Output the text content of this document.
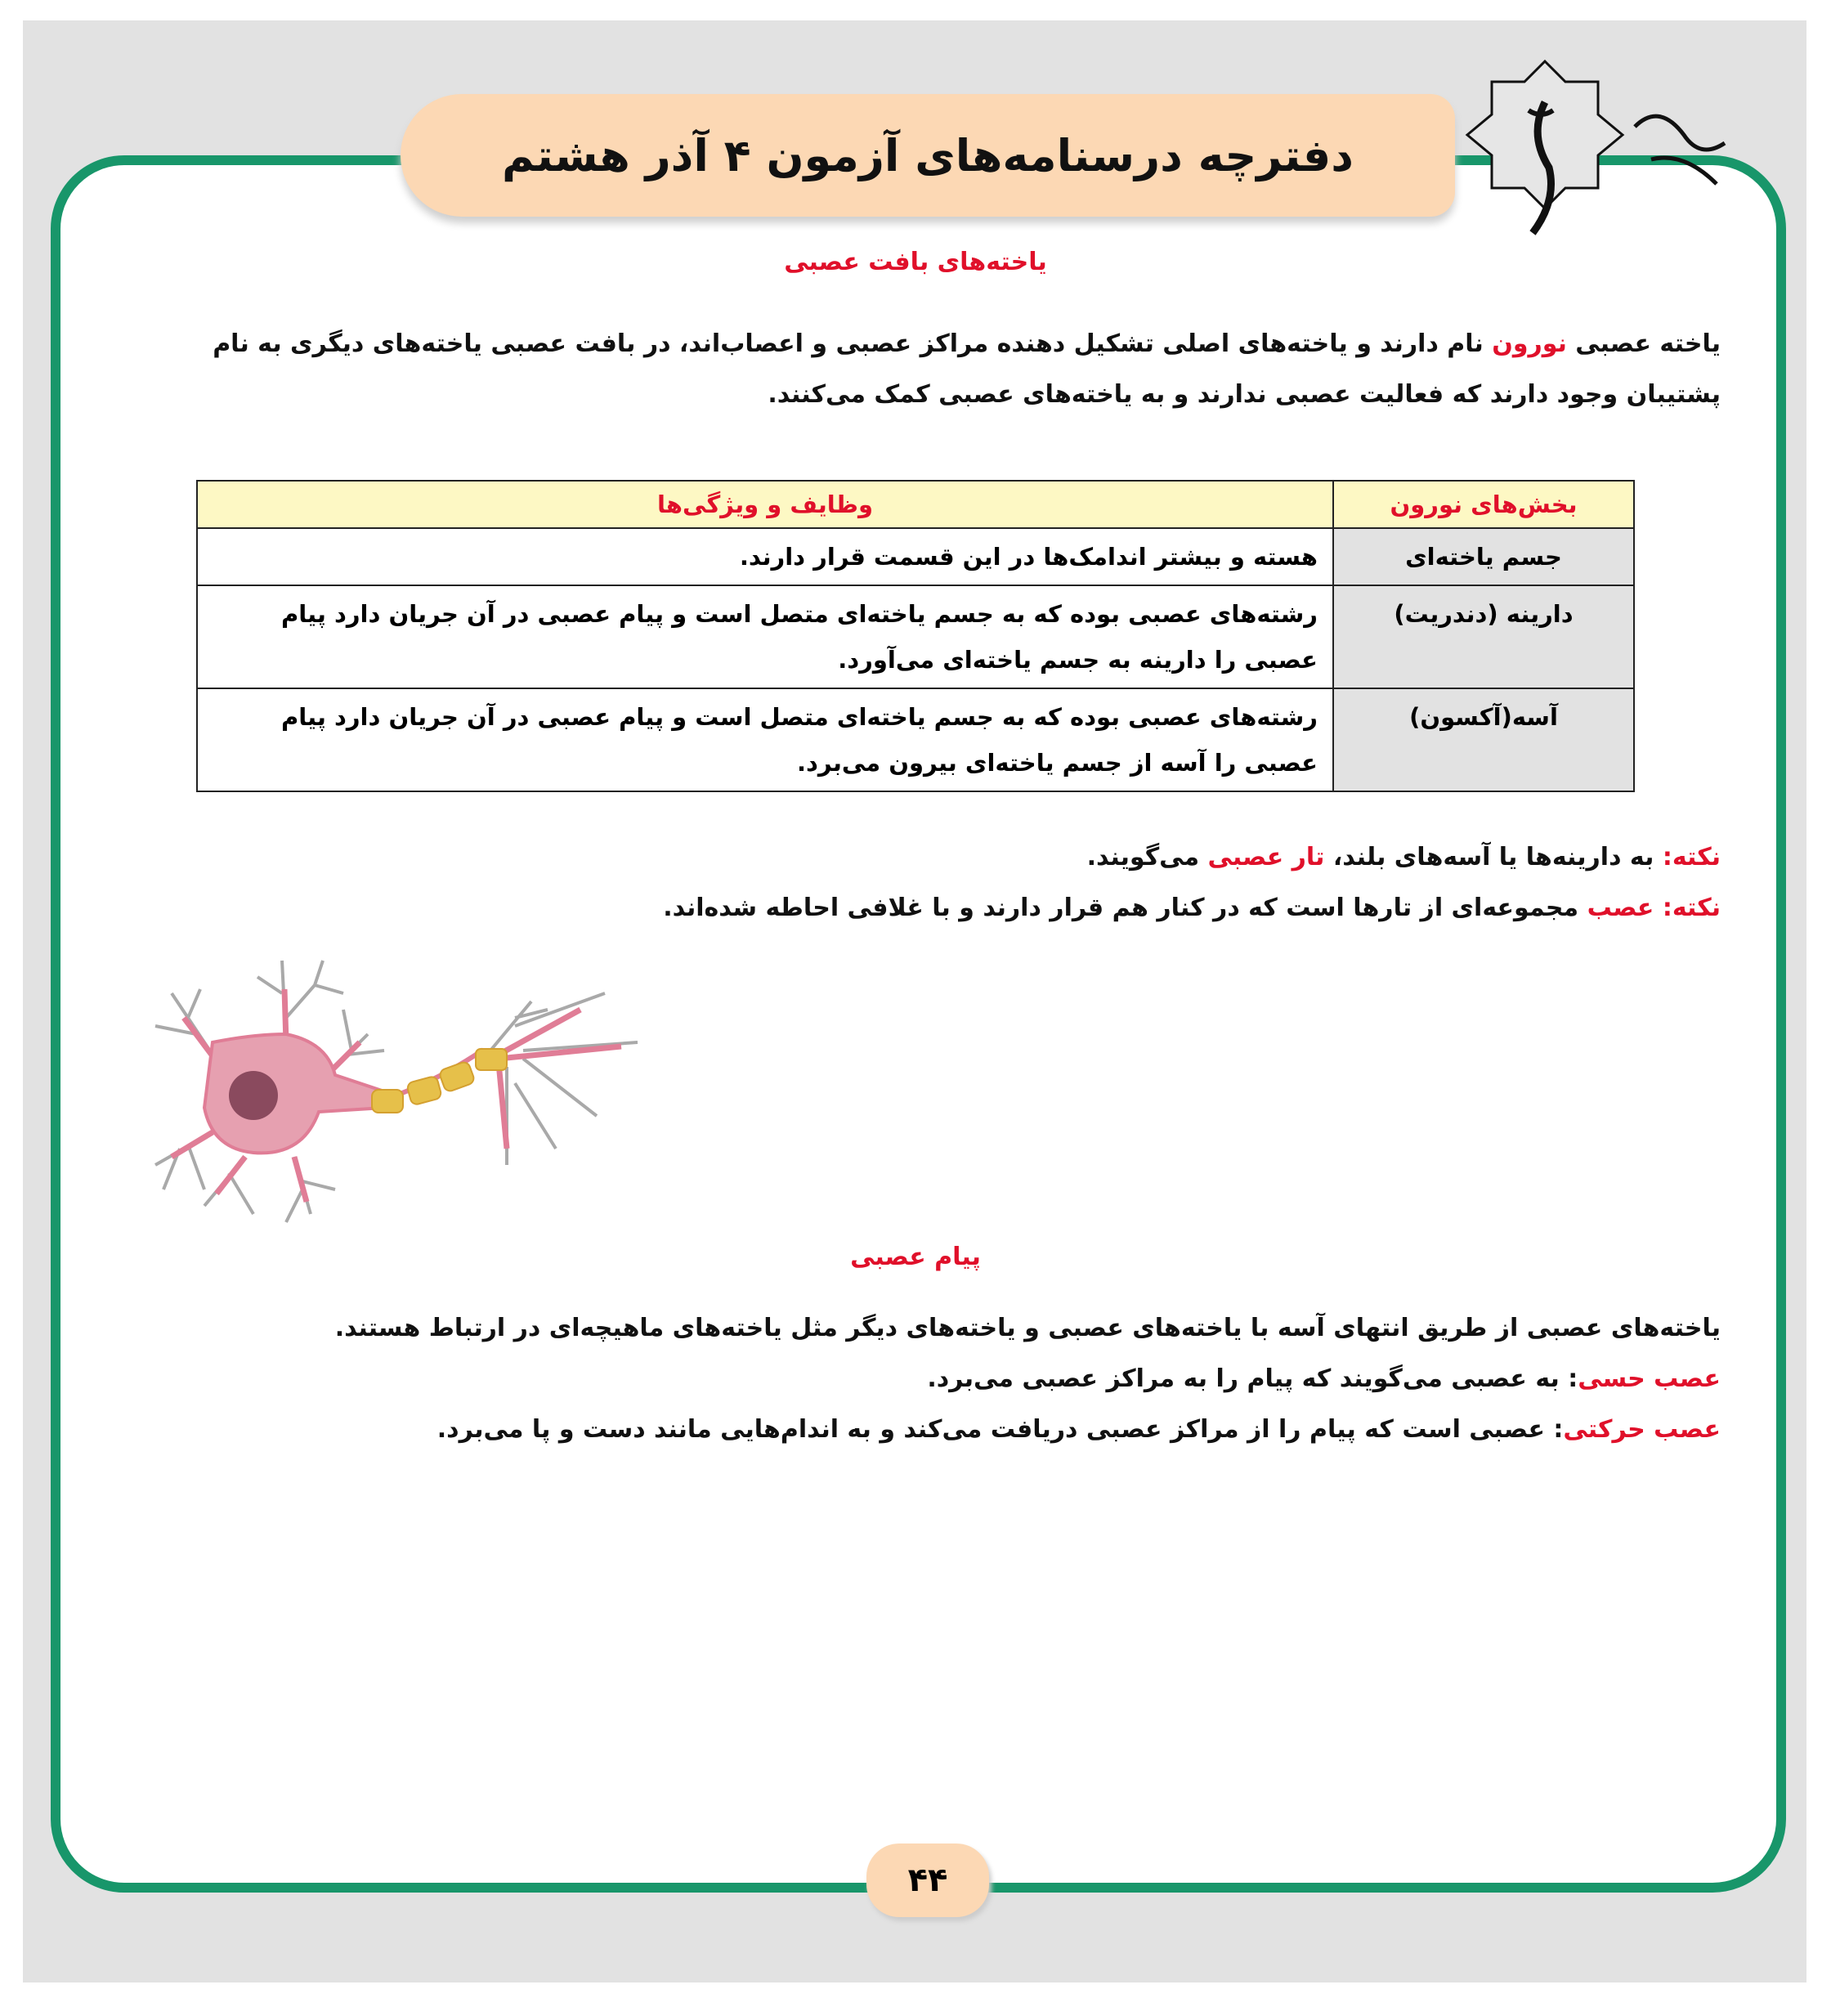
دفترچه درسنامه‌های آزمون ۴ آذر هشتم
یاخته‌های بافت عصبی
یاخته عصبی نورون نام دارند و یاخته‌های اصلی تشکیل دهنده مراکز عصبی و اعصاب‌اند، در بافت عصبی یاخته‌های دیگری به نام پشتیبان وجود دارند که فعالیت عصبی ندارند و به یاخته‌های عصبی کمک می‌کنند.
بخش‌های نورون	وظایف و ویژگی‌ها
جسم یاخته‌ای	هسته و بیشتر اندامک‌ها در این قسمت قرار دارند.
دارینه (دندریت)	رشته‌های عصبی بوده که به جسم یاخته‌ای متصل است و پیام عصبی در آن جریان دارد پیام عصبی را دارینه به جسم یاخته‌ای می‌آورد.
آسه(آکسون)	رشته‌های عصبی بوده که به جسم یاخته‌ای متصل است و پیام عصبی در آن جریان دارد پیام عصبی را آسه از جسم یاخته‌ای بیرون می‌برد.
نکته: به دارینه‌ها یا آسه‌های بلند، تار عصبی می‌گویند.
نکته: عصب مجموعه‌ای از تارها است که در کنار هم قرار دارند و با غلافی احاطه شده‌اند.
پیام عصبی
یاخته‌های عصبی از طریق انتهای آسه با یاخته‌های عصبی و یاخته‌های دیگر مثل یاخته‌های ماهیچه‌ای در ارتباط هستند.
عصب حسی: به عصبی می‌گویند که پیام را به مراکز عصبی می‌برد.
عصب حرکتی: عصبی است که پیام را از مراکز عصبی دریافت می‌کند و به اندام‌هایی مانند دست و پا می‌برد.
۴۴
